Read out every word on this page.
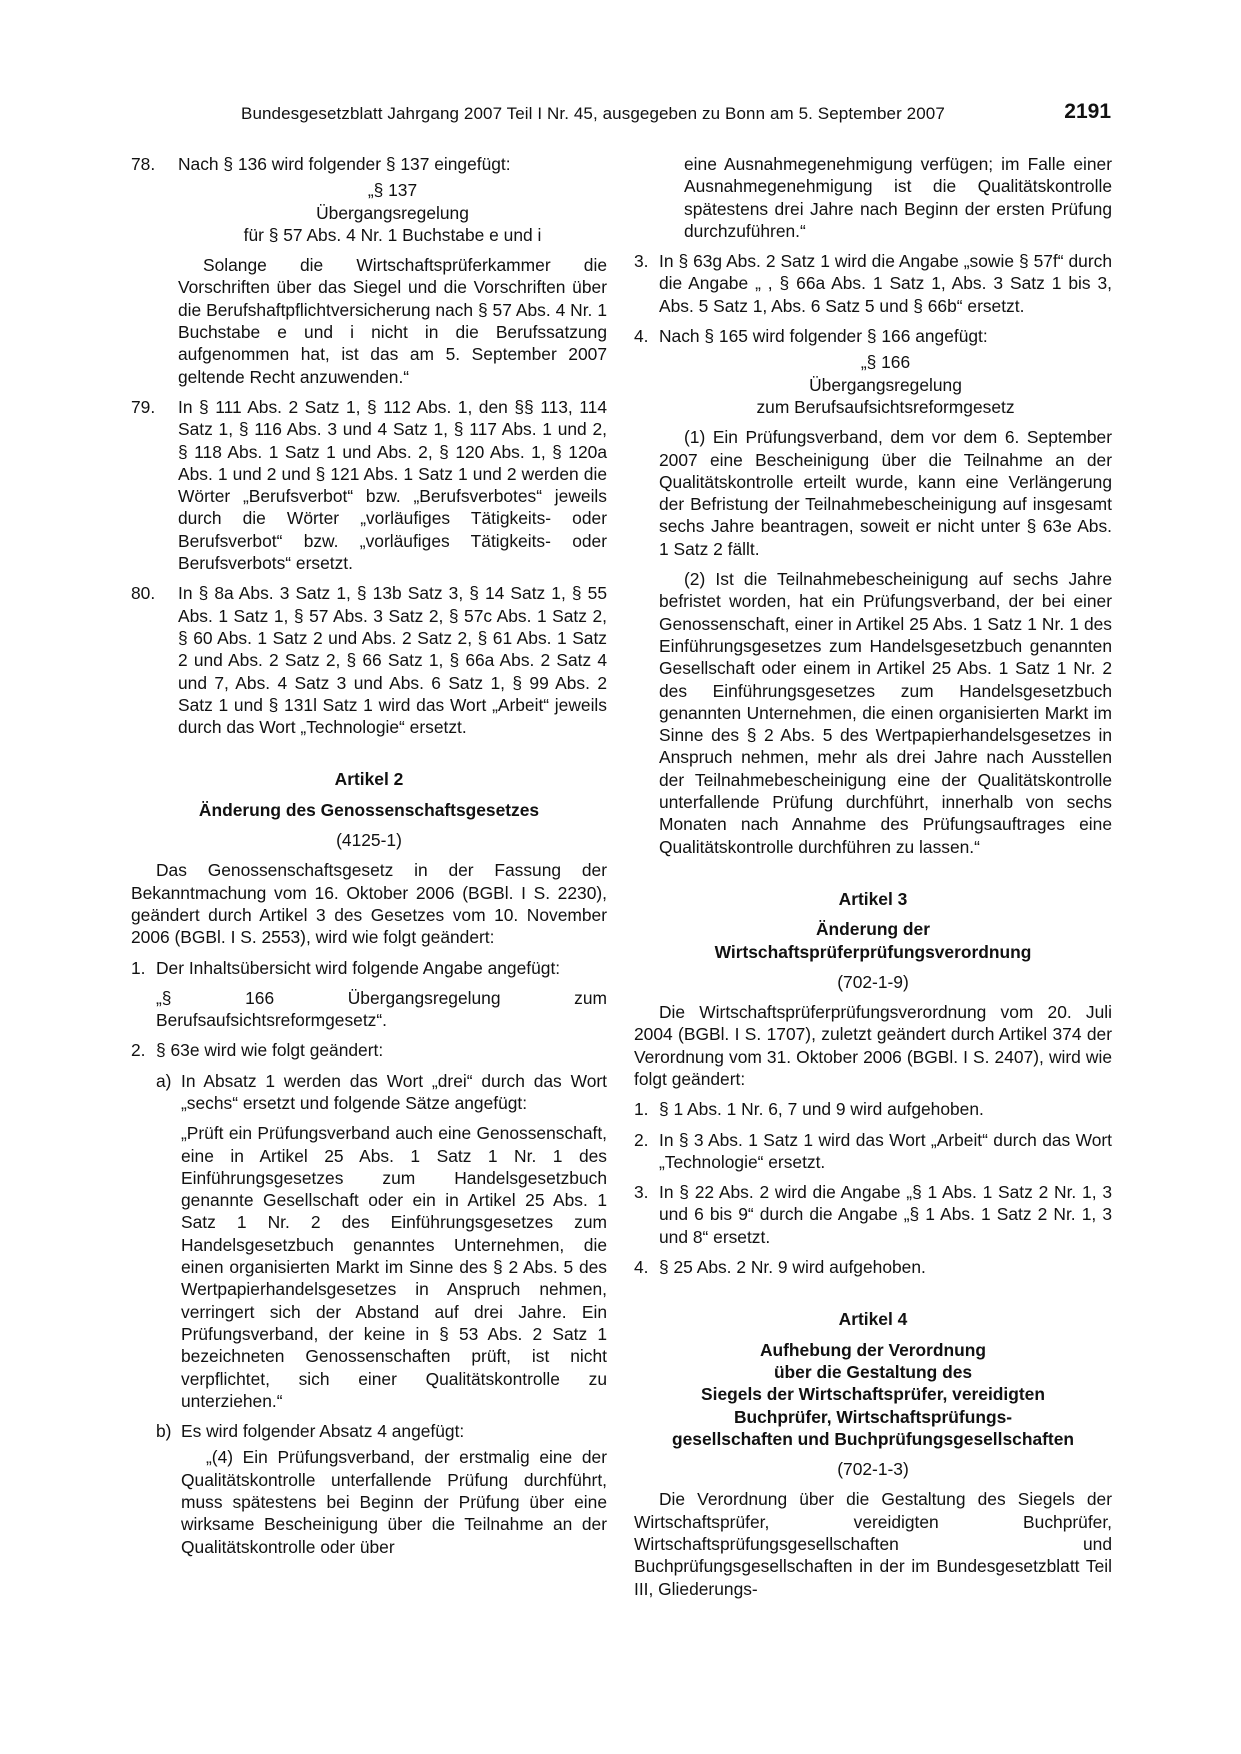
Bundesgesetzblatt Jahrgang 2007 Teil I Nr. 45, ausgegeben zu Bonn am 5. September 2007	2191
78. Nach § 136 wird folgender § 137 eingefügt:

„§ 137

Übergangsregelung

für § 57 Abs. 4 Nr. 1 Buchstabe e und i

Solange die Wirtschaftsprüferkammer die Vorschriften über das Siegel und die Vorschriften über die Berufshaftpflichtversicherung nach § 57 Abs. 4 Nr. 1 Buchstabe e und i nicht in die Berufssatzung aufgenommen hat, ist das am 5. September 2007 geltende Recht anzuwenden.“

79. In § 111 Abs. 2 Satz 1, § 112 Abs. 1, den §§ 113, 114 Satz 1, § 116 Abs. 3 und 4 Satz 1, § 117 Abs. 1 und 2, § 118 Abs. 1 Satz 1 und Abs. 2, § 120 Abs. 1, § 120a Abs. 1 und 2 und § 121 Abs. 1 Satz 1 und 2 werden die Wörter „Berufsverbot“ bzw. „Berufsverbotes“ jeweils durch die Wörter „vorläufiges Tätigkeits- oder Berufsverbot“ bzw. „vorläufiges Tätigkeits- oder Berufsverbots“ ersetzt.

80. In § 8a Abs. 3 Satz 1, § 13b Satz 3, § 14 Satz 1, § 55 Abs. 1 Satz 1, § 57 Abs. 3 Satz 2, § 57c Abs. 1 Satz 2, § 60 Abs. 1 Satz 2 und Abs. 2 Satz 2, § 61 Abs. 1 Satz 2 und Abs. 2 Satz 2, § 66 Satz 1, § 66a Abs. 2 Satz 4 und 7, Abs. 4 Satz 3 und Abs. 6 Satz 1, § 99 Abs. 2 Satz 1 und § 131l Satz 1 wird das Wort „Arbeit“ jeweils durch das Wort „Technologie“ ersetzt.

Artikel 2

Änderung des Genossenschaftsgesetzes

(4125-1)

Das Genossenschaftsgesetz in der Fassung der Bekanntmachung vom 16. Oktober 2006 (BGBl. I S. 2230), geändert durch Artikel 3 des Gesetzes vom 10. November 2006 (BGBl. I S. 2553), wird wie folgt geändert:

1. Der Inhaltsübersicht wird folgende Angabe angefügt:

„§ 166 Übergangsregelung zum Berufsaufsichtsreformgesetz“.

2. § 63e wird wie folgt geändert:

a) In Absatz 1 werden das Wort „drei“ durch das Wort „sechs“ ersetzt und folgende Sätze angefügt:

„Prüft ein Prüfungsverband auch eine Genossenschaft, eine in Artikel 25 Abs. 1 Satz 1 Nr. 1 des Einführungsgesetzes zum Handelsgesetzbuch genannte Gesellschaft oder ein in Artikel 25 Abs. 1 Satz 1 Nr. 2 des Einführungsgesetzes zum Handelsgesetzbuch genanntes Unternehmen, die einen organisierten Markt im Sinne des § 2 Abs. 5 des Wertpapierhandelsgesetzes in Anspruch nehmen, verringert sich der Abstand auf drei Jahre. Ein Prüfungsverband, der keine in § 53 Abs. 2 Satz 1 bezeichneten Genossenschaften prüft, ist nicht verpflichtet, sich einer Qualitätskontrolle zu unterziehen.“

b) Es wird folgender Absatz 4 angefügt:

„(4) Ein Prüfungsverband, der erstmalig eine der Qualitätskontrolle unterfallende Prüfung durchführt, muss spätestens bei Beginn der Prüfung über eine wirksame Bescheinigung über die Teilnahme an der Qualitätskontrolle oder über

eine Ausnahmegenehmigung verfügen; im Falle einer Ausnahmegenehmigung ist die Qualitätskontrolle spätestens drei Jahre nach Beginn der ersten Prüfung durchzuführen.“

3. In § 63g Abs. 2 Satz 1 wird die Angabe „sowie § 57f“ durch die Angabe „ , § 66a Abs. 1 Satz 1, Abs. 3 Satz 1 bis 3, Abs. 5 Satz 1, Abs. 6 Satz 5 und § 66b“ ersetzt.

4. Nach § 165 wird folgender § 166 angefügt:

„§ 166

Übergangsregelung

zum Berufsaufsichtsreformgesetz

(1) Ein Prüfungsverband, dem vor dem 6. September 2007 eine Bescheinigung über die Teilnahme an der Qualitätskontrolle erteilt wurde, kann eine Verlängerung der Befristung der Teilnahmebescheinigung auf insgesamt sechs Jahre beantragen, soweit er nicht unter § 63e Abs. 1 Satz 2 fällt.

(2) Ist die Teilnahmebescheinigung auf sechs Jahre befristet worden, hat ein Prüfungsverband, der bei einer Genossenschaft, einer in Artikel 25 Abs. 1 Satz 1 Nr. 1 des Einführungsgesetzes zum Handelsgesetzbuch genannten Gesellschaft oder einem in Artikel 25 Abs. 1 Satz 1 Nr. 2 des Einführungsgesetzes zum Handelsgesetzbuch genannten Unternehmen, die einen organisierten Markt im Sinne des § 2 Abs. 5 des Wertpapierhandelsgesetzes in Anspruch nehmen, mehr als drei Jahre nach Ausstellen der Teilnahmebescheinigung eine der Qualitätskontrolle unterfallende Prüfung durchführt, innerhalb von sechs Monaten nach Annahme des Prüfungsauftrages eine Qualitätskontrolle durchführen zu lassen.“

Artikel 3

Änderung der

Wirtschaftsprüferprüfungsverordnung

(702-1-9)

Die Wirtschaftsprüferprüfungsverordnung vom 20. Juli 2004 (BGBl. I S. 1707), zuletzt geändert durch Artikel 374 der Verordnung vom 31. Oktober 2006 (BGBl. I S. 2407), wird wie folgt geändert:

1. § 1 Abs. 1 Nr. 6, 7 und 9 wird aufgehoben.

2. In § 3 Abs. 1 Satz 1 wird das Wort „Arbeit“ durch das Wort „Technologie“ ersetzt.

3. In § 22 Abs. 2 wird die Angabe „§ 1 Abs. 1 Satz 2 Nr. 1, 3 und 6 bis 9“ durch die Angabe „§ 1 Abs. 1 Satz 2 Nr. 1, 3 und 8“ ersetzt.

4. § 25 Abs. 2 Nr. 9 wird aufgehoben.

Artikel 4

Aufhebung der Verordnung

über die Gestaltung des

Siegels der Wirtschaftsprüfer, vereidigten

Buchprüfer, Wirtschaftsprüfungs-

gesellschaften und Buchprüfungsgesellschaften

(702-1-3)

Die Verordnung über die Gestaltung des Siegels der Wirtschaftsprüfer, vereidigten Buchprüfer, Wirtschaftsprüfungsgesellschaften und Buchprüfungsgesellschaften in der im Bundesgesetzblatt Teil III, Gliederungs-
